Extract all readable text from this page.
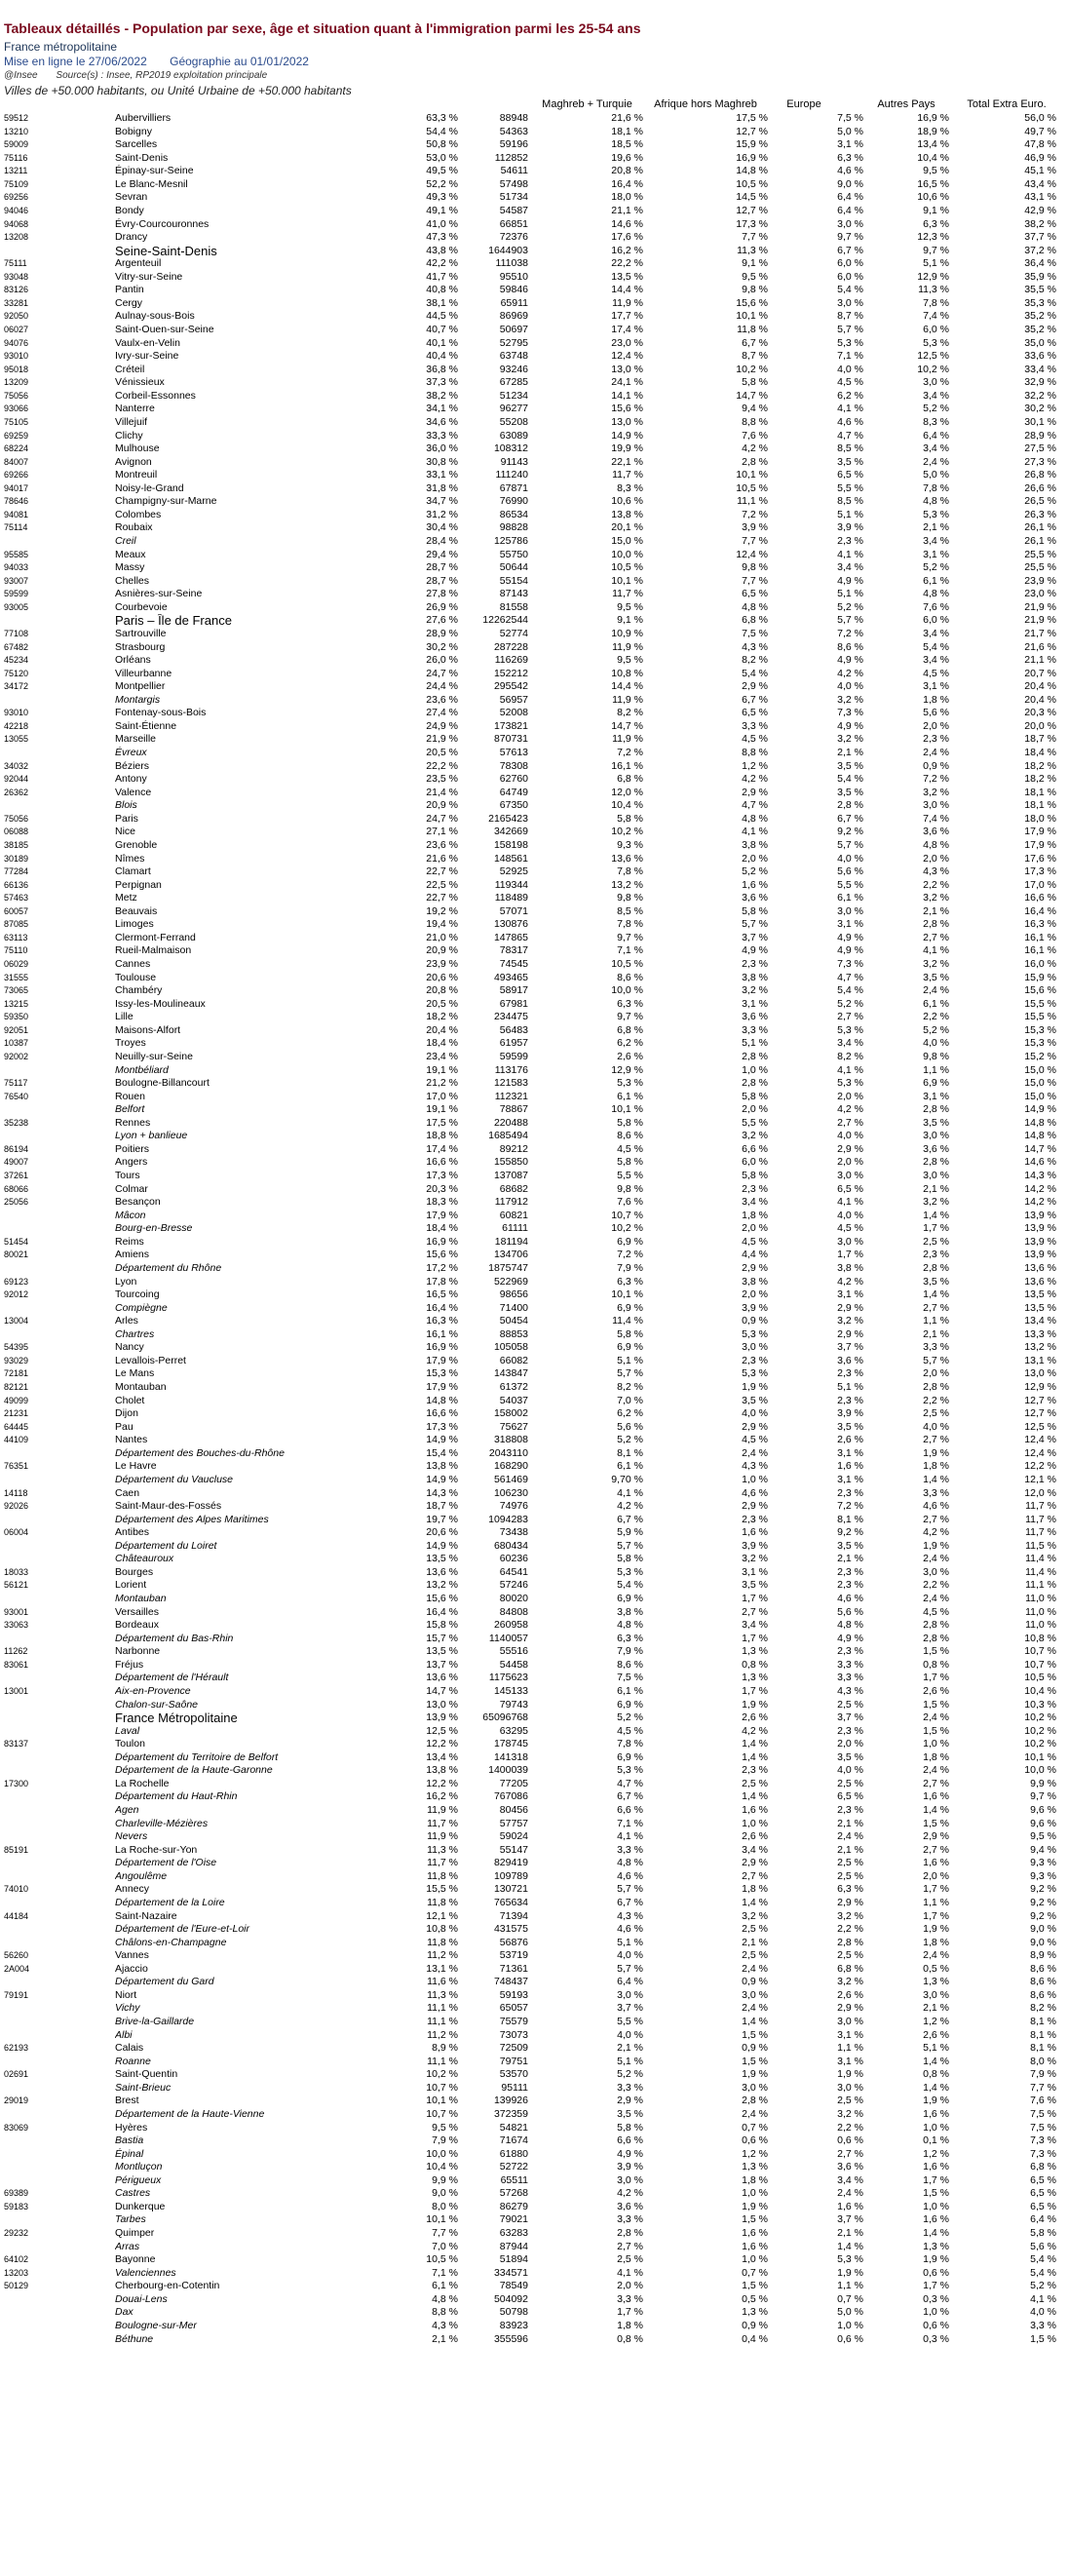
Tableaux détaillés - Population par sexe, âge et situation quant à l'immigration parmi les 25-54 ans
France métropolitaine
Mise en ligne le 27/06/2022 Géographie au 01/01/2022
@Insee Source(s) : Insee, RP2019 exploitation principale
Villes de +50.000 habitants, ou Unité Urbaine de +50.000 habitants
Maghreb + Turquie	Afrique hors Maghreb	Europe	Autres Pays	Total Extra Euro.
59512	Aubervilliers	63,3 %	88948	21,6 %	17,5 %	7,5 %	16,9 %	56,0 %
13210	Bobigny	54,4 %	54363	18,1 %	12,7 %	5,0 %	18,9 %	49,7 %
59009	Sarcelles	50,8 %	59196	18,5 %	15,9 %	3,1 %	13,4 %	47,8 %
75116	Saint-Denis	53,0 %	112852	19,6 %	16,9 %	6,3 %	10,4 %	46,9 %
13211	Épinay-sur-Seine	49,5 %	54611	20,8 %	14,8 %	4,6 %	9,5 %	45,1 %
75109	Le Blanc-Mesnil	52,2 %	57498	16,4 %	10,5 %	9,0 %	16,5 %	43,4 %
69256	Sevran	49,3 %	51734	18,0 %	14,5 %	6,4 %	10,6 %	43,1 %
94046	Bondy	49,1 %	54587	21,1 %	12,7 %	6,4 %	9,1 %	42,9 %
94068	Évry-Courcouronnes	41,0 %	66851	14,6 %	17,3 %	3,0 %	6,3 %	38,2 %
13208	Drancy	47,3 %	72376	17,6 %	7,7 %	9,7 %	12,3 %	37,7 %
Seine-Saint-Denis	43,8 %	1644903	16,2 %	11,3 %	6,7 %	9,7 %	37,2 %
75111	Argenteuil	42,2 %	111038	22,2 %	9,1 %	6,0 %	5,1 %	36,4 %
93048	Vitry-sur-Seine	41,7 %	95510	13,5 %	9,5 %	6,0 %	12,9 %	35,9 %
83126	Pantin	40,8 %	59846	14,4 %	9,8 %	5,4 %	11,3 %	35,5 %
33281	Cergy	38,1 %	65911	11,9 %	15,6 %	3,0 %	7,8 %	35,3 %
92050	Aulnay-sous-Bois	44,5 %	86969	17,7 %	10,1 %	8,7 %	7,4 %	35,2 %
06027	Saint-Ouen-sur-Seine	40,7 %	50697	17,4 %	11,8 %	5,7 %	6,0 %	35,2 %
94076	Vaulx-en-Velin	40,1 %	52795	23,0 %	6,7 %	5,3 %	5,3 %	35,0 %
93010	Ivry-sur-Seine	40,4 %	63748	12,4 %	8,7 %	7,1 %	12,5 %	33,6 %
95018	Créteil	36,8 %	93246	13,0 %	10,2 %	4,0 %	10,2 %	33,4 %
13209	Vénissieux	37,3 %	67285	24,1 %	5,8 %	4,5 %	3,0 %	32,9 %
75056	Corbeil-Essonnes	38,2 %	51234	14,1 %	14,7 %	6,2 %	3,4 %	32,2 %
93066	Nanterre	34,1 %	96277	15,6 %	9,4 %	4,1 %	5,2 %	30,2 %
75105	Villejuif	34,6 %	55208	13,0 %	8,8 %	4,6 %	8,3 %	30,1 %
69259	Clichy	33,3 %	63089	14,9 %	7,6 %	4,7 %	6,4 %	28,9 %
68224	Mulhouse	36,0 %	108312	19,9 %	4,2 %	8,5 %	3,4 %	27,5 %
84007	Avignon	30,8 %	91143	22,1 %	2,8 %	3,5 %	2,4 %	27,3 %
69266	Montreuil	33,1 %	111240	11,7 %	10,1 %	6,5 %	5,0 %	26,8 %
94017	Noisy-le-Grand	31,8 %	67871	8,3 %	10,5 %	5,5 %	7,8 %	26,6 %
78646	Champigny-sur-Marne	34,7 %	76990	10,6 %	11,1 %	8,5 %	4,8 %	26,5 %
94081	Colombes	31,2 %	86534	13,8 %	7,2 %	5,1 %	5,3 %	26,3 %
75114	Roubaix	30,4 %	98828	20,1 %	3,9 %	3,9 %	2,1 %	26,1 %
Creil	28,4 %	125786	15,0 %	7,7 %	2,3 %	3,4 %	26,1 %
95585	Meaux	29,4 %	55750	10,0 %	12,4 %	4,1 %	3,1 %	25,5 %
94033	Massy	28,7 %	50644	10,5 %	9,8 %	3,4 %	5,2 %	25,5 %
93007	Chelles	28,7 %	55154	10,1 %	7,7 %	4,9 %	6,1 %	23,9 %
59599	Asnières-sur-Seine	27,8 %	87143	11,7 %	6,5 %	5,1 %	4,8 %	23,0 %
93005	Courbevoie	26,9 %	81558	9,5 %	4,8 %	5,2 %	7,6 %	21,9 %
Paris – Île de France	27,6 %	12262544	9,1 %	6,8 %	5,7 %	6,0 %	21,9 %
77108	Sartrouville	28,9 %	52774	10,9 %	7,5 %	7,2 %	3,4 %	21,7 %
67482	Strasbourg	30,2 %	287228	11,9 %	4,3 %	8,6 %	5,4 %	21,6 %
45234	Orléans	26,0 %	116269	9,5 %	8,2 %	4,9 %	3,4 %	21,1 %
75120	Villeurbanne	24,7 %	152212	10,8 %	5,4 %	4,2 %	4,5 %	20,7 %
34172	Montpellier	24,4 %	295542	14,4 %	2,9 %	4,0 %	3,1 %	20,4 %
Montargis	23,6 %	56957	11,9 %	6,7 %	3,2 %	1,8 %	20,4 %
93010	Fontenay-sous-Bois	27,4 %	52008	8,2 %	6,5 %	7,3 %	5,6 %	20,3 %
42218	Saint-Étienne	24,9 %	173821	14,7 %	3,3 %	4,9 %	2,0 %	20,0 %
13055	Marseille	21,9 %	870731	11,9 %	4,5 %	3,2 %	2,3 %	18,7 %
Évreux	20,5 %	57613	7,2 %	8,8 %	2,1 %	2,4 %	18,4 %
34032	Béziers	22,2 %	78308	16,1 %	1,2 %	3,5 %	0,9 %	18,2 %
92044	Antony	23,5 %	62760	6,8 %	4,2 %	5,4 %	7,2 %	18,2 %
26362	Valence	21,4 %	64749	12,0 %	2,9 %	3,5 %	3,2 %	18,1 %
Blois	20,9 %	67350	10,4 %	4,7 %	2,8 %	3,0 %	18,1 %
75056	Paris	24,7 %	2165423	5,8 %	4,8 %	6,7 %	7,4 %	18,0 %
06088	Nice	27,1 %	342669	10,2 %	4,1 %	9,2 %	3,6 %	17,9 %
38185	Grenoble	23,6 %	158198	9,3 %	3,8 %	5,7 %	4,8 %	17,9 %
30189	Nîmes	21,6 %	148561	13,6 %	2,0 %	4,0 %	2,0 %	17,6 %
77284	Clamart	22,7 %	52925	7,8 %	5,2 %	5,6 %	4,3 %	17,3 %
66136	Perpignan	22,5 %	119344	13,2 %	1,6 %	5,5 %	2,2 %	17,0 %
57463	Metz	22,7 %	118489	9,8 %	3,6 %	6,1 %	3,2 %	16,6 %
60057	Beauvais	19,2 %	57071	8,5 %	5,8 %	3,0 %	2,1 %	16,4 %
87085	Limoges	19,4 %	130876	7,8 %	5,7 %	3,1 %	2,8 %	16,3 %
63113	Clermont-Ferrand	21,0 %	147865	9,7 %	3,7 %	4,9 %	2,7 %	16,1 %
75110	Rueil-Malmaison	20,9 %	78317	7,1 %	4,9 %	4,9 %	4,1 %	16,1 %
06029	Cannes	23,9 %	74545	10,5 %	2,3 %	7,3 %	3,2 %	16,0 %
31555	Toulouse	20,6 %	493465	8,6 %	3,8 %	4,7 %	3,5 %	15,9 %
73065	Chambéry	20,8 %	58917	10,0 %	3,2 %	5,4 %	2,4 %	15,6 %
13215	Issy-les-Moulineaux	20,5 %	67981	6,3 %	3,1 %	5,2 %	6,1 %	15,5 %
59350	Lille	18,2 %	234475	9,7 %	3,6 %	2,7 %	2,2 %	15,5 %
92051	Maisons-Alfort	20,4 %	56483	6,8 %	3,3 %	5,3 %	5,2 %	15,3 %
10387	Troyes	18,4 %	61957	6,2 %	5,1 %	3,4 %	4,0 %	15,3 %
92002	Neuilly-sur-Seine	23,4 %	59599	2,6 %	2,8 %	8,2 %	9,8 %	15,2 %
Montbéliard	19,1 %	113176	12,9 %	1,0 %	4,1 %	1,1 %	15,0 %
75117	Boulogne-Billancourt	21,2 %	121583	5,3 %	2,8 %	5,3 %	6,9 %	15,0 %
76540	Rouen	17,0 %	112321	6,1 %	5,8 %	2,0 %	3,1 %	15,0 %
Belfort	19,1 %	78867	10,1 %	2,0 %	4,2 %	2,8 %	14,9 %
35238	Rennes	17,5 %	220488	5,8 %	5,5 %	2,7 %	3,5 %	14,8 %
Lyon + banlieue	18,8 %	1685494	8,6 %	3,2 %	4,0 %	3,0 %	14,8 %
86194	Poitiers	17,4 %	89212	4,5 %	6,6 %	2,9 %	3,6 %	14,7 %
49007	Angers	16,6 %	155850	5,8 %	6,0 %	2,0 %	2,8 %	14,6 %
37261	Tours	17,3 %	137087	5,5 %	5,8 %	3,0 %	3,0 %	14,3 %
68066	Colmar	20,3 %	68682	9,8 %	2,3 %	6,5 %	2,1 %	14,2 %
25056	Besançon	18,3 %	117912	7,6 %	3,4 %	4,1 %	3,2 %	14,2 %
Mâcon	17,9 %	60821	10,7 %	1,8 %	4,0 %	1,4 %	13,9 %
Bourg-en-Bresse	18,4 %	61111	10,2 %	2,0 %	4,5 %	1,7 %	13,9 %
51454	Reims	16,9 %	181194	6,9 %	4,5 %	3,0 %	2,5 %	13,9 %
80021	Amiens	15,6 %	134706	7,2 %	4,4 %	1,7 %	2,3 %	13,9 %
Département du Rhône	17,2 %	1875747	7,9 %	2,9 %	3,8 %	2,8 %	13,6 %
69123	Lyon	17,8 %	522969	6,3 %	3,8 %	4,2 %	3,5 %	13,6 %
92012	Tourcoing	16,5 %	98656	10,1 %	2,0 %	3,1 %	1,4 %	13,5 %
Compiègne	16,4 %	71400	6,9 %	3,9 %	2,9 %	2,7 %	13,5 %
13004	Arles	16,3 %	50454	11,4 %	0,9 %	3,2 %	1,1 %	13,4 %
Chartres	16,1 %	88853	5,8 %	5,3 %	2,9 %	2,1 %	13,3 %
54395	Nancy	16,9 %	105058	6,9 %	3,0 %	3,7 %	3,3 %	13,2 %
93029	Levallois-Perret	17,9 %	66082	5,1 %	2,3 %	3,6 %	5,7 %	13,1 %
72181	Le Mans	15,3 %	143847	5,7 %	5,3 %	2,3 %	2,0 %	13,0 %
82121	Montauban	17,9 %	61372	8,2 %	1,9 %	5,1 %	2,8 %	12,9 %
49099	Cholet	14,8 %	54037	7,0 %	3,5 %	2,3 %	2,2 %	12,7 %
21231	Dijon	16,6 %	158002	6,2 %	4,0 %	3,9 %	2,5 %	12,7 %
64445	Pau	17,3 %	75627	5,6 %	2,9 %	3,5 %	4,0 %	12,5 %
44109	Nantes	14,9 %	318808	5,2 %	4,5 %	2,6 %	2,7 %	12,4 %
Département des Bouches-du-Rhône	15,4 %	2043110	8,1 %	2,4 %	3,1 %	1,9 %	12,4 %
76351	Le Havre	13,8 %	168290	6,1 %	4,3 %	1,6 %	1,8 %	12,2 %
Département du Vaucluse	14,9 %	561469	9,70 %	1,0 %	3,1 %	1,4 %	12,1 %
14118	Caen	14,3 %	106230	4,1 %	4,6 %	2,3 %	3,3 %	12,0 %
92026	Saint-Maur-des-Fossés	18,7 %	74976	4,2 %	2,9 %	7,2 %	4,6 %	11,7 %
Département des Alpes Maritimes	19,7 %	1094283	6,7 %	2,3 %	8,1 %	2,7 %	11,7 %
06004	Antibes	20,6 %	73438	5,9 %	1,6 %	9,2 %	4,2 %	11,7 %
Département du Loiret	14,9 %	680434	5,7 %	3,9 %	3,5 %	1,9 %	11,5 %
Châteauroux	13,5 %	60236	5,8 %	3,2 %	2,1 %	2,4 %	11,4 %
18033	Bourges	13,6 %	64541	5,3 %	3,1 %	2,3 %	3,0 %	11,4 %
56121	Lorient	13,2 %	57246	5,4 %	3,5 %	2,3 %	2,2 %	11,1 %
Montauban	15,6 %	80020	6,9 %	1,7 %	4,6 %	2,4 %	11,0 %
93001	Versailles	16,4 %	84808	3,8 %	2,7 %	5,6 %	4,5 %	11,0 %
33063	Bordeaux	15,8 %	260958	4,8 %	3,4 %	4,8 %	2,8 %	11,0 %
Département du Bas-Rhin	15,7 %	1140057	6,3 %	1,7 %	4,9 %	2,8 %	10,8 %
11262	Narbonne	13,5 %	55516	7,9 %	1,3 %	2,3 %	1,5 %	10,7 %
83061	Fréjus	13,7 %	54458	8,6 %	0,8 %	3,3 %	0,8 %	10,7 %
Département de l'Hérault	13,6 %	1175623	7,5 %	1,3 %	3,3 %	1,7 %	10,5 %
13001	Aix-en-Provence	14,7 %	145133	6,1 %	1,7 %	4,3 %	2,6 %	10,4 %
Chalon-sur-Saône	13,0 %	79743	6,9 %	1,9 %	2,5 %	1,5 %	10,3 %
France Métropolitaine	13,9 %	65096768	5,2 %	2,6 %	3,7 %	2,4 %	10,2 %
Laval	12,5 %	63295	4,5 %	4,2 %	2,3 %	1,5 %	10,2 %
83137	Toulon	12,2 %	178745	7,8 %	1,4 %	2,0 %	1,0 %	10,2 %
Département du Territoire de Belfort	13,4 %	141318	6,9 %	1,4 %	3,5 %	1,8 %	10,1 %
Département de la Haute-Garonne	13,8 %	1400039	5,3 %	2,3 %	4,0 %	2,4 %	10,0 %
17300	La Rochelle	12,2 %	77205	4,7 %	2,5 %	2,5 %	2,7 %	9,9 %
Département du Haut-Rhin	16,2 %	767086	6,7 %	1,4 %	6,5 %	1,6 %	9,7 %
Agen	11,9 %	80456	6,6 %	1,6 %	2,3 %	1,4 %	9,6 %
Charleville-Mézières	11,7 %	57757	7,1 %	1,0 %	2,1 %	1,5 %	9,6 %
Nevers	11,9 %	59024	4,1 %	2,6 %	2,4 %	2,9 %	9,5 %
85191	La Roche-sur-Yon	11,3 %	55147	3,3 %	3,4 %	2,1 %	2,7 %	9,4 %
Département de l'Oise	11,7 %	829419	4,8 %	2,9 %	2,5 %	1,6 %	9,3 %
Angoulême	11,8 %	109789	4,6 %	2,7 %	2,5 %	2,0 %	9,3 %
74010	Annecy	15,5 %	130721	5,7 %	1,8 %	6,3 %	1,7 %	9,2 %
Département de la Loire	11,8 %	765634	6,7 %	1,4 %	2,9 %	1,1 %	9,2 %
44184	Saint-Nazaire	12,1 %	71394	4,3 %	3,2 %	3,2 %	1,7 %	9,2 %
Département de l'Eure-et-Loir	10,8 %	431575	4,6 %	2,5 %	2,2 %	1,9 %	9,0 %
Châlons-en-Champagne	11,8 %	56876	5,1 %	2,1 %	2,8 %	1,8 %	9,0 %
56260	Vannes	11,2 %	53719	4,0 %	2,5 %	2,5 %	2,4 %	8,9 %
2A004	Ajaccio	13,1 %	71361	5,7 %	2,4 %	6,8 %	0,5 %	8,6 %
Département du Gard	11,6 %	748437	6,4 %	0,9 %	3,2 %	1,3 %	8,6 %
79191	Niort	11,3 %	59193	3,0 %	3,0 %	2,6 %	3,0 %	8,6 %
Vichy	11,1 %	65057	3,7 %	2,4 %	2,9 %	2,1 %	8,2 %
Brive-la-Gaillarde	11,1 %	75579	5,5 %	1,4 %	3,0 %	1,2 %	8,1 %
Albi	11,2 %	73073	4,0 %	1,5 %	3,1 %	2,6 %	8,1 %
62193	Calais	8,9 %	72509	2,1 %	0,9 %	1,1 %	5,1 %	8,1 %
Roanne	11,1 %	79751	5,1 %	1,5 %	3,1 %	1,4 %	8,0 %
02691	Saint-Quentin	10,2 %	53570	5,2 %	1,9 %	1,9 %	0,8 %	7,9 %
Saint-Brieuc	10,7 %	95111	3,3 %	3,0 %	3,0 %	1,4 %	7,7 %
29019	Brest	10,1 %	139926	2,9 %	2,8 %	2,5 %	1,9 %	7,6 %
Département de la Haute-Vienne	10,7 %	372359	3,5 %	2,4 %	3,2 %	1,6 %	7,5 %
83069	Hyères	9,5 %	54821	5,8 %	0,7 %	2,2 %	1,0 %	7,5 %
Bastia	7,9 %	71674	6,6 %	0,6 %	0,6 %	0,1 %	7,3 %
Épinal	10,0 %	61880	4,9 %	1,2 %	2,7 %	1,2 %	7,3 %
Montluçon	10,4 %	52722	3,9 %	1,3 %	3,6 %	1,6 %	6,8 %
Périgueux	9,9 %	65511	3,0 %	1,8 %	3,4 %	1,7 %	6,5 %
69389	Castres	9,0 %	57268	4,2 %	1,0 %	2,4 %	1,5 %	6,5 %
59183	Dunkerque	8,0 %	86279	3,6 %	1,9 %	1,6 %	1,0 %	6,5 %
Tarbes	10,1 %	79021	3,3 %	1,5 %	3,7 %	1,6 %	6,4 %
29232	Quimper	7,7 %	63283	2,8 %	1,6 %	2,1 %	1,4 %	5,8 %
Arras	7,0 %	87944	2,7 %	1,6 %	1,4 %	1,3 %	5,6 %
64102	Bayonne	10,5 %	51894	2,5 %	1,0 %	5,3 %	1,9 %	5,4 %
13203	Valenciennes	7,1 %	334571	4,1 %	0,7 %	1,9 %	0,6 %	5,4 %
50129	Cherbourg-en-Cotentin	6,1 %	78549	2,0 %	1,5 %	1,1 %	1,7 %	5,2 %
Douai-Lens	4,8 %	504092	3,3 %	0,5 %	0,7 %	0,3 %	4,1 %
Dax	8,8 %	50798	1,7 %	1,3 %	5,0 %	1,0 %	4,0 %
Boulogne-sur-Mer	4,3 %	83923	1,8 %	0,9 %	1,0 %	0,6 %	3,3 %
Béthune	2,1 %	355596	0,8 %	0,4 %	0,6 %	0,3 %	1,5 %
